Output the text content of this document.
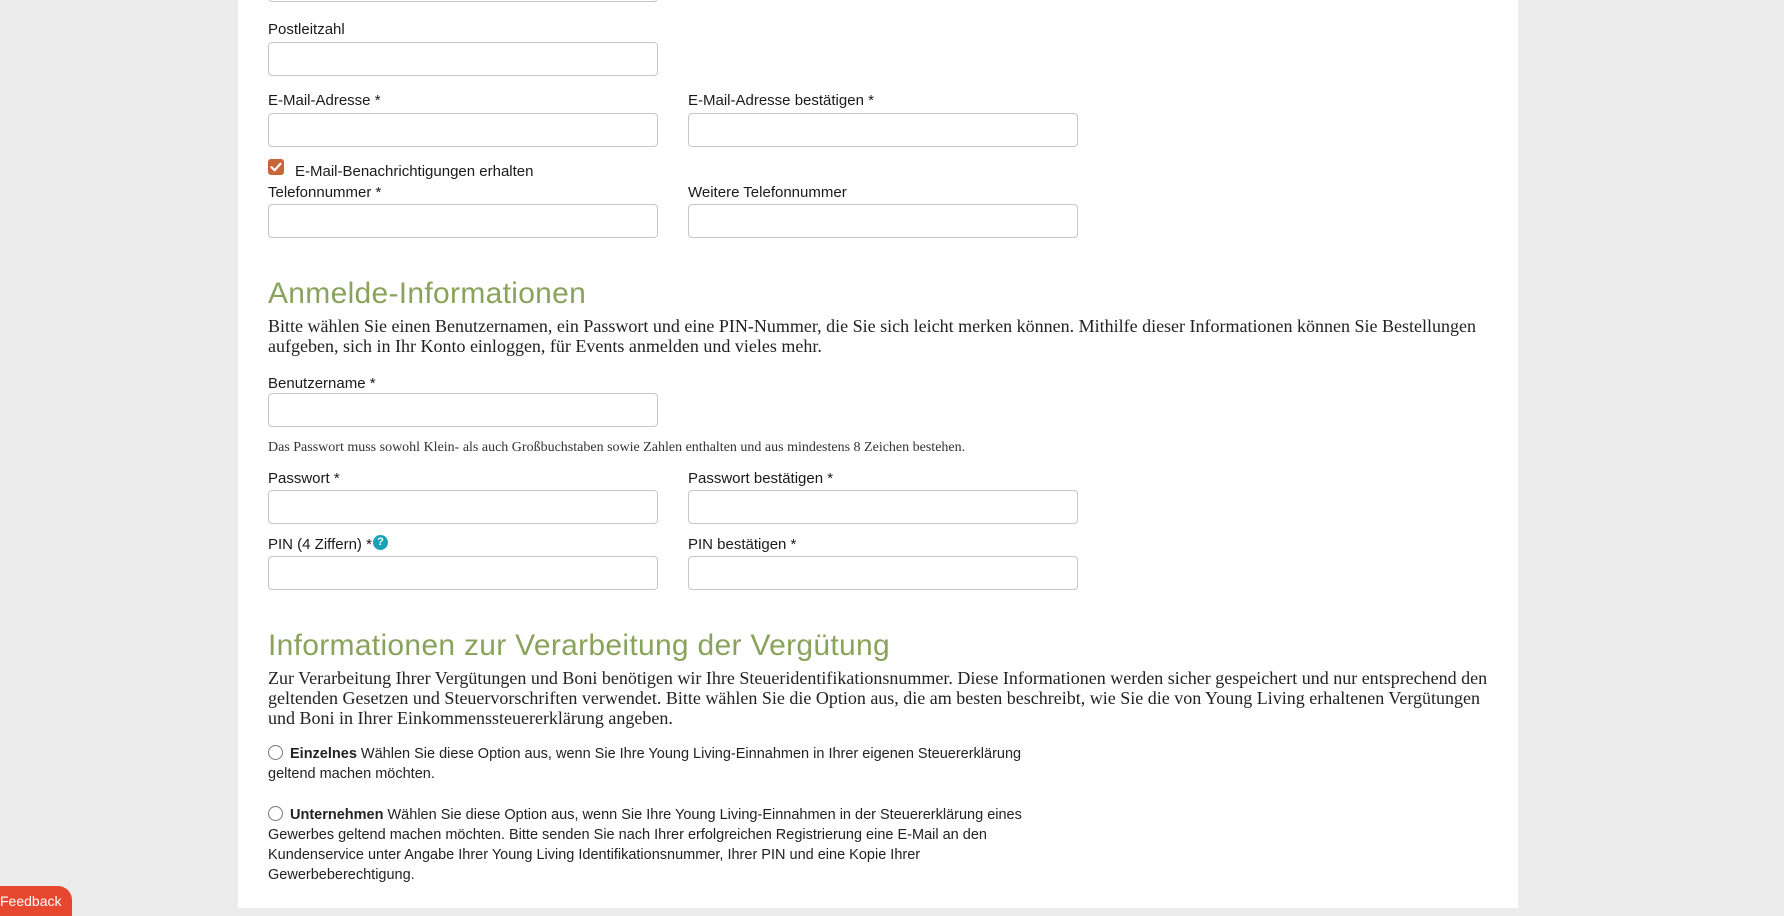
Postleitzahl
E-Mail-Adresse *	E-Mail-Adresse bestätigen *
E-Mail-Benachrichtigungen erhalten
Telefonnummer *	Weitere Telefonnummer
Anmelde-Informationen
Bitte wählen Sie einen Benutzernamen, ein Passwort und eine PIN-Nummer, die Sie sich leicht merken können. Mithilfe dieser Informationen können Sie Bestellungen aufgeben, sich in Ihr Konto einloggen, für Events anmelden und vieles mehr.
Benutzername *
Das Passwort muss sowohl Klein- als auch Großbuchstaben sowie Zahlen enthalten und aus mindestens 8 Zeichen bestehen.
Passwort *	Passwort bestätigen *
PIN (4 Ziffern) * ?	PIN bestätigen *
Informationen zur Verarbeitung der Vergütung
Zur Verarbeitung Ihrer Vergütungen und Boni benötigen wir Ihre Steueridentifikationsnummer. Diese Informationen werden sicher gespeichert und nur entsprechend den geltenden Gesetzen und Steuervorschriften verwendet. Bitte wählen Sie die Option aus, die am besten beschreibt, wie Sie die von Young Living erhaltenen Vergütungen und Boni in Ihrer Einkommenssteuererklärung angeben.
Einzelnes Wählen Sie diese Option aus, wenn Sie Ihre Young Living-Einnahmen in Ihrer eigenen Steuererklärung geltend machen möchten.
Unternehmen Wählen Sie diese Option aus, wenn Sie Ihre Young Living-Einnahmen in der Steuererklärung eines Gewerbes geltend machen möchten. Bitte senden Sie nach Ihrer erfolgreichen Registrierung eine E-Mail an den Kundenservice unter Angabe Ihrer Young Living Identifikationsnummer, Ihrer PIN und eine Kopie Ihrer Gewerbeberechtigung.
Feedback
